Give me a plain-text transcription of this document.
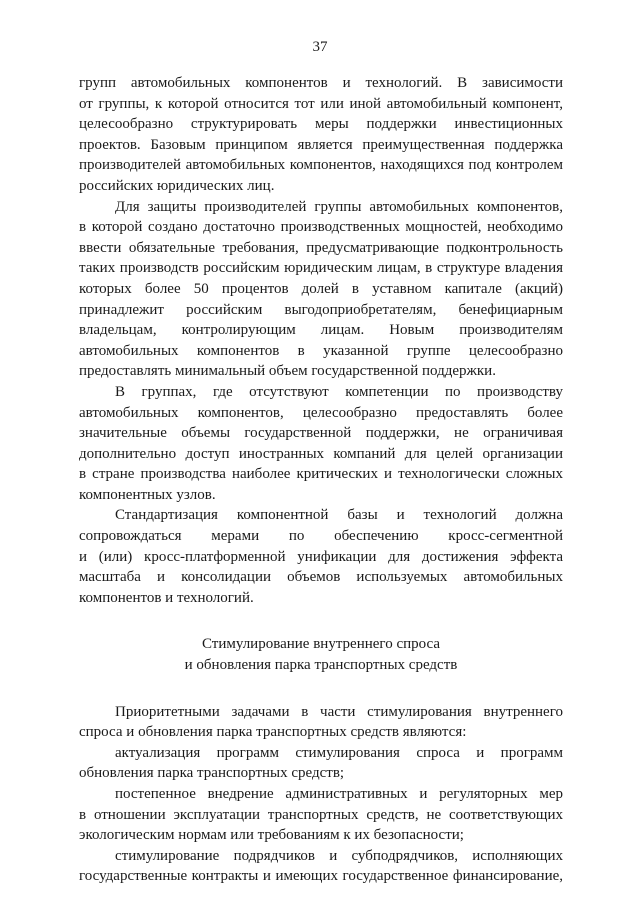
37
групп автомобильных компонентов и технологий. В зависимости
от группы, к которой относится тот или иной автомобильный компонент,
целесообразно структурировать меры поддержки инвестиционных
проектов. Базовым принципом является преимущественная поддержка
производителей автомобильных компонентов, находящихся под контролем
российских юридических лиц.
Для защиты производителей группы автомобильных компонентов,
в которой создано достаточно производственных мощностей, необходимо
ввести обязательные требования, предусматривающие подконтрольность
таких производств российским юридическим лицам, в структуре владения
которых более 50 процентов долей в уставном капитале (акций)
принадлежит российским выгодоприобретателям, бенефициарным
владельцам, контролирующим лицам. Новым производителям
автомобильных компонентов в указанной группе целесообразно
предоставлять минимальный объем государственной поддержки.
В группах, где отсутствуют компетенции по производству
автомобильных компонентов, целесообразно предоставлять более
значительные объемы государственной поддержки, не ограничивая
дополнительно доступ иностранных компаний для целей организации
в стране производства наиболее критических и технологически сложных
компонентных узлов.
Стандартизация компонентной базы и технологий должна
сопровождаться мерами по обеспечению кросс-сегментной
и (или) кросс-платформенной унификации для достижения эффекта
масштаба и консолидации объемов используемых автомобильных
компонентов и технологий.
Стимулирование внутреннего спроса
и обновления парка транспортных средств
Приоритетными задачами в части стимулирования внутреннего
спроса и обновления парка транспортных средств являются:
актуализация программ стимулирования спроса и программ
обновления парка транспортных средств;
постепенное внедрение административных и регуляторных мер
в отношении эксплуатации транспортных средств, не соответствующих
экологическим нормам или требованиям к их безопасности;
стимулирование подрядчиков и субподрядчиков, исполняющих
государственные контракты и имеющих государственное финансирование,
